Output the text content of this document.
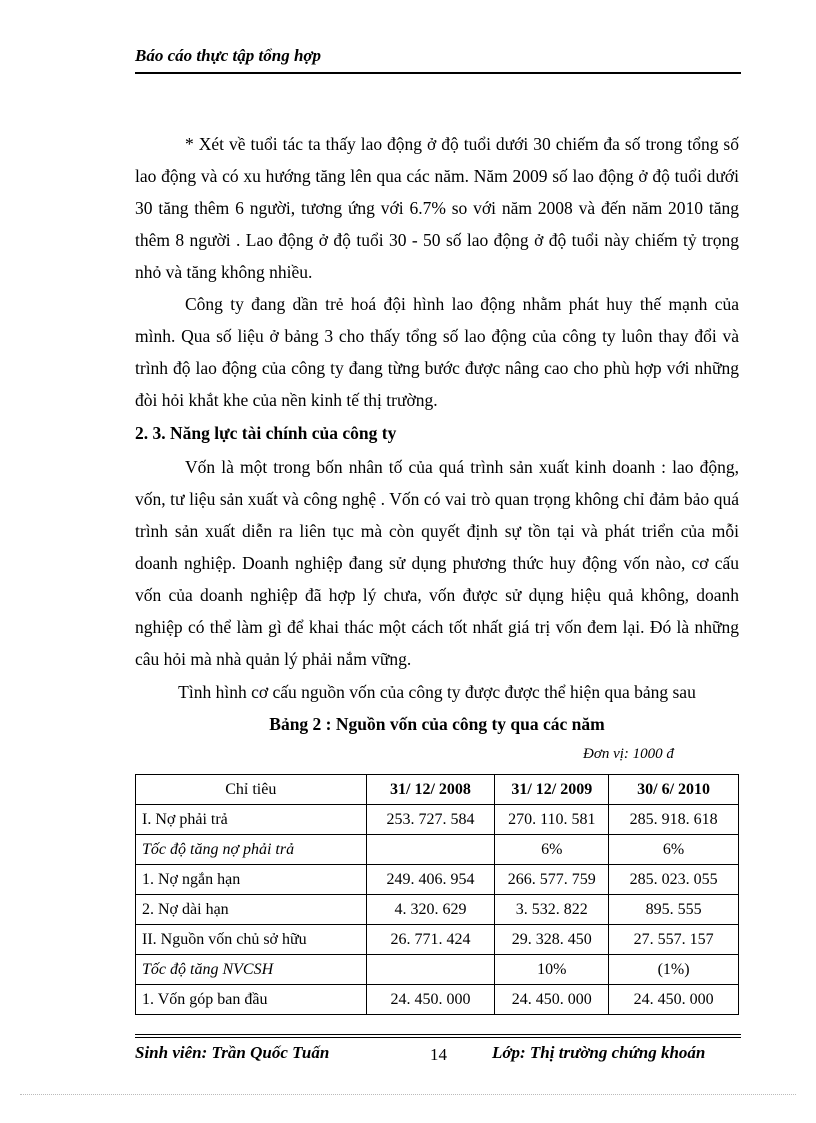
Báo cáo thực tập tổng hợp

* Xét về tuổi tác ta thấy lao động ở độ tuổi dưới 30 chiếm đa số trong tổng số lao động và có xu hướng tăng lên qua các năm. Năm 2009 số lao động ở độ tuổi dưới 30 tăng thêm 6 người, tương ứng với 6.7% so với năm 2008 và đến năm 2010 tăng thêm 8 người . Lao động ở độ tuổi 30 - 50 số lao động ở độ tuổi này chiếm tỷ trọng nhỏ và tăng không nhiều.

Công ty đang dần trẻ hoá đội hình lao động nhằm phát huy thế mạnh của mình. Qua số liệu ở bảng 3 cho thấy tổng số lao động của công ty luôn thay đổi và trình độ lao động của công ty đang từng bước được nâng cao cho phù hợp với những đòi hỏi khắt khe của nền kinh tế thị trường.

2. 3. Năng lực tài chính của công ty

Vốn là một trong bốn nhân tố của quá trình sản xuất kinh doanh : lao động, vốn, tư liệu sản xuất và công nghệ . Vốn có vai trò quan trọng không chỉ đảm bảo quá trình sản xuất diễn ra liên tục mà còn quyết định sự tồn tại và phát triển của mỗi doanh nghiệp. Doanh nghiệp đang sử dụng phương thức huy động vốn nào, cơ cấu vốn của doanh nghiệp đã hợp lý chưa, vốn được sử dụng hiệu quả không, doanh nghiệp có thể làm gì để khai thác một cách tốt nhất giá trị vốn đem lại. Đó là những câu hỏi mà nhà quản lý phải nắm vững.

Tình hình cơ cấu nguồn vốn của công ty được được thể hiện qua bảng sau
Bảng 2 : Nguồn vốn của công ty qua các năm
Đơn vị: 1000 đ
Chỉ tiêu	31/ 12/ 2008	31/ 12/ 2009	30/ 6/ 2010
I. Nợ phải trả	253. 727. 584	270. 110. 581	285. 918. 618
Tốc độ tăng nợ phải trả		6%	6%
1. Nợ ngắn hạn	249. 406. 954	266. 577. 759	285. 023. 055
2. Nợ dài hạn	4. 320. 629	3. 532. 822	895. 555
II. Nguồn vốn chủ sở hữu	26. 771. 424	29. 328. 450	27. 557. 157
Tốc độ tăng NVCSH		10%	(1%)
1. Vốn góp ban đầu	24. 450. 000	24. 450. 000	24. 450. 000
Sinh viên: Trần Quốc Tuấn	14	Lớp: Thị trường chứng khoán
